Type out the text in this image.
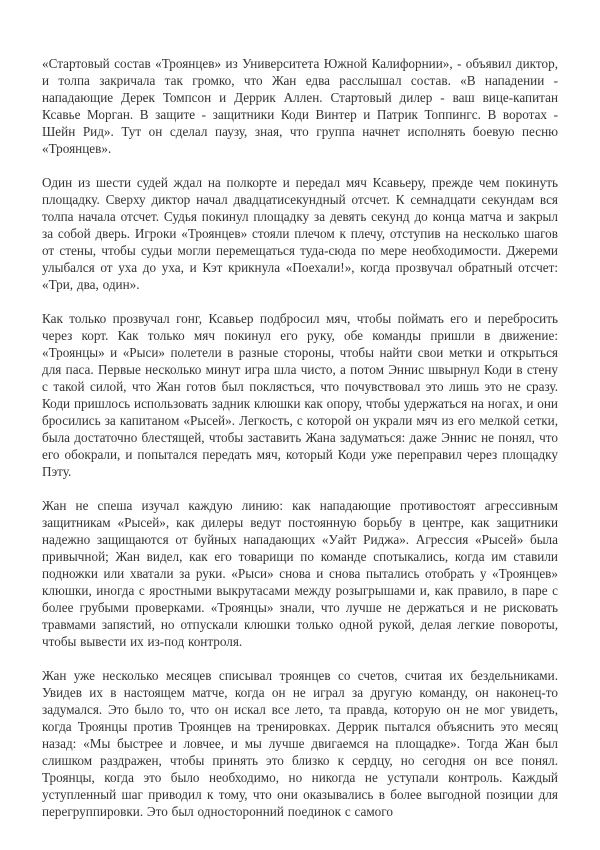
«Стартовый состав «Троянцев» из Университета Южной Калифорнии», - объявил диктор, и толпа закричала так громко, что Жан едва расслышал состав. «В нападении - нападающие Дерек Томпсон и Деррик Аллен. Стартовый дилер - ваш вице-капитан Ксавье Морган. В защите - защитники Коди Винтер и Патрик Топпингс. В воротах - Шейн Рид». Тут он сделал паузу, зная, что группа начнет исполнять боевую песню «Троянцев».

Один из шести судей ждал на полкорте и передал мяч Ксавьеру, прежде чем покинуть площадку. Сверху диктор начал двадцатисекундный отсчет. К семнадцати секундам вся толпа начала отсчет. Судья покинул площадку за девять секунд до конца матча и закрыл за собой дверь. Игроки «Троянцев» стояли плечом к плечу, отступив на несколько шагов от стены, чтобы судьи могли перемещаться туда-сюда по мере необходимости. Джереми улыбался от уха до уха, и Кэт крикнула «Поехали!», когда прозвучал обратный отсчет: «Три, два, один».

Как только прозвучал гонг, Ксавьер подбросил мяч, чтобы поймать его и перебросить через корт. Как только мяч покинул его руку, обе команды пришли в движение: «Троянцы» и «Рыси» полетели в разные стороны, чтобы найти свои метки и открыться для паса. Первые несколько минут игра шла чисто, а потом Эннис швырнул Коди в стену с такой силой, что Жан готов был поклясться, что почувствовал это лишь это не сразу. Коди пришлось использовать задник клюшки как опору, чтобы удержаться на ногах, и они бросились за капитаном «Рысей». Легкость, с которой он украли мяч из его мелкой сетки, была достаточно блестящей, чтобы заставить Жана задуматься: даже Эннис не понял, что его обокрали, и попытался передать мяч, который Коди уже переправил через площадку Пэту.

Жан не спеша изучал каждую линию: как нападающие противостоят агрессивным защитникам «Рысей», как дилеры ведут постоянную борьбу в центре, как защитники надежно защищаются от буйных нападающих «Уайт Риджа». Агрессия «Рысей» была привычной; Жан видел, как его товарищи по команде спотыкались, когда им ставили подножки или хватали за руки. «Рыси» снова и снова пытались отобрать у «Троянцев» клюшки, иногда с яростными выкрутасами между розыгрышами и, как правило, в паре с более грубыми проверками. «Троянцы» знали, что лучше не держаться и не рисковать травмами запястий, но отпускали клюшки только одной рукой, делая легкие повороты, чтобы вывести их из-под контроля.

Жан уже несколько месяцев списывал троянцев со счетов, считая их бездельниками. Увидев их в настоящем матче, когда он не играл за другую команду, он наконец-то задумался. Это было то, что он искал все лето, та правда, которую он не мог увидеть, когда Троянцы против Троянцев на тренировках. Деррик пытался объяснить это месяц назад: «Мы быстрее и ловчее, и мы лучше двигаемся на площадке». Тогда Жан был слишком раздражен, чтобы принять это близко к сердцу, но сегодня он все понял. Троянцы, когда это было необходимо, но никогда не уступали контроль. Каждый уступленный шаг приводил к тому, что они оказывались в более выгодной позиции для перегруппировки. Это был односторонний поединок с самого
